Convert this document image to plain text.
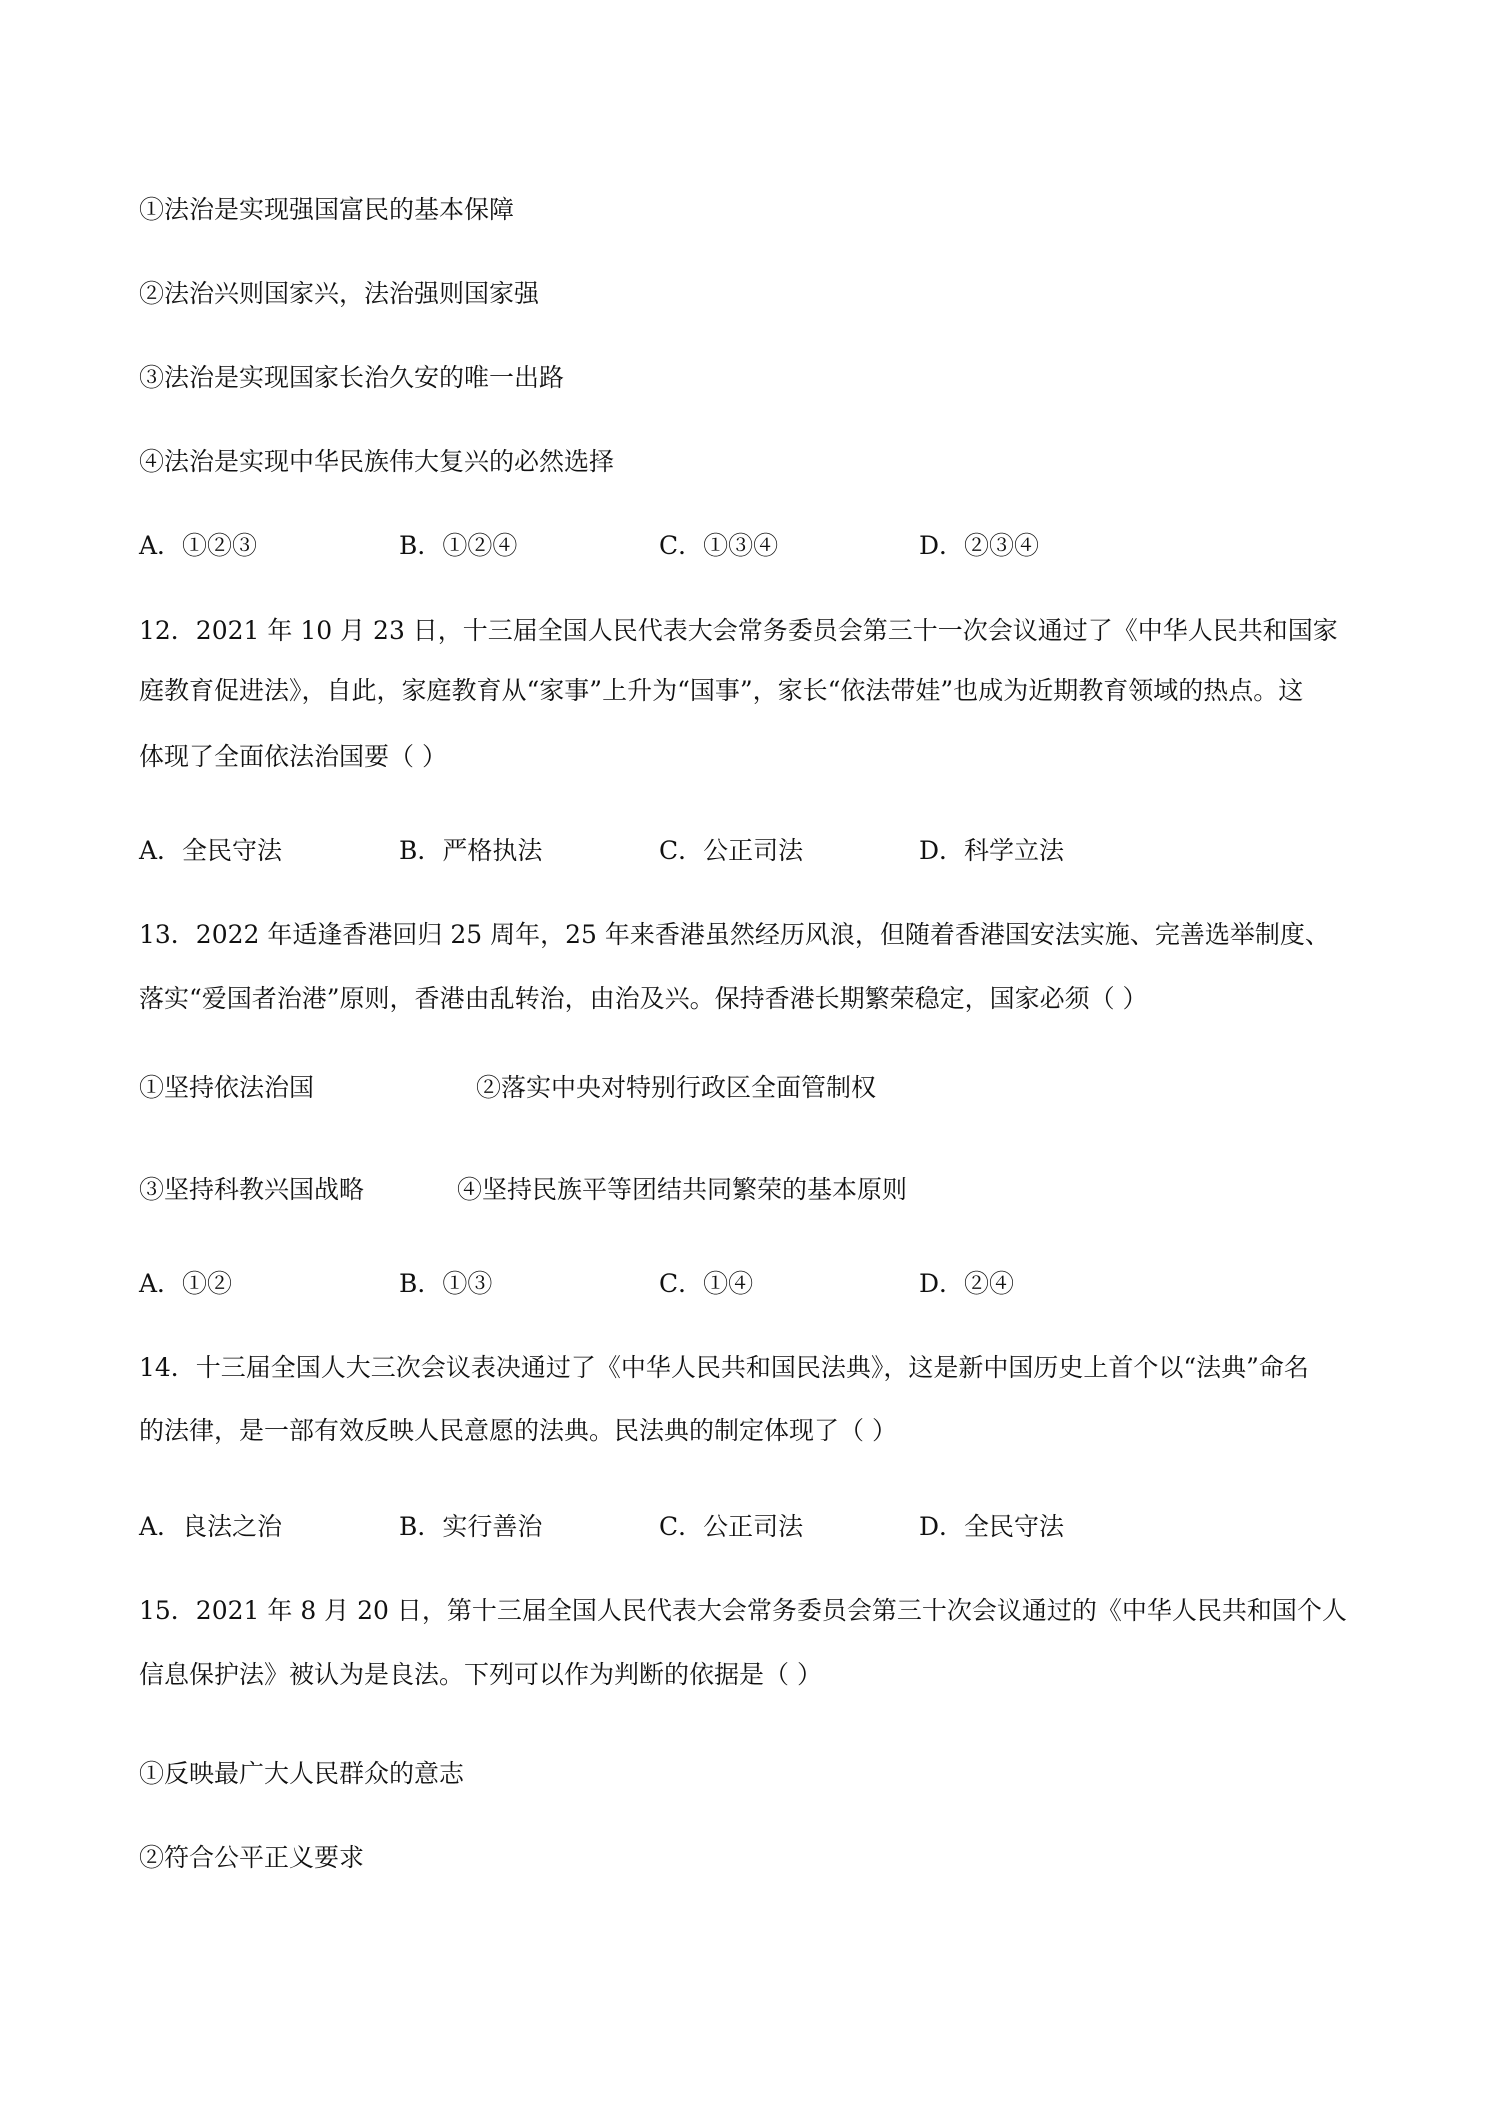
①法治是实现强国富民的基本保障
②法治兴则国家兴，法治强则国家强
③法治是实现国家长治久安的唯一出路
④法治是实现中华民族伟大复兴的必然选择
A．①②③	B．①②④	C．①③④	D．②③④
12．2021 年 10 月 23 日，十三届全国人民代表大会常务委员会第三十一次会议通过了《中华人民共和国家
庭教育促进法》，自此，家庭教育从“家事”上升为“国事”，家长“依法带娃”也成为近期教育领域的热点。这
体现了全面依法治国要（ ）
A．全民守法	B．严格执法	C．公正司法	D．科学立法
13．2022 年适逢香港回归 25 周年，25 年来香港虽然经历风浪，但随着香港国安法实施、完善选举制度、
落实“爱国者治港”原则，香港由乱转治，由治及兴。保持香港长期繁荣稳定，国家必须（ ）
①坚持依法治国	②落实中央对特别行政区全面管制权
③坚持科教兴国战略	④坚持民族平等团结共同繁荣的基本原则
A．①②	B．①③	C．①④	D．②④
14．十三届全国人大三次会议表决通过了《中华人民共和国民法典》，这是新中国历史上首个以“法典”命名
的法律，是一部有效反映人民意愿的法典。民法典的制定体现了（ ）
A．良法之治	B．实行善治	C．公正司法	D．全民守法
15．2021 年 8 月 20 日，第十三届全国人民代表大会常务委员会第三十次会议通过的《中华人民共和国个人
信息保护法》被认为是良法。下列可以作为判断的依据是（ ）
①反映最广大人民群众的意志
②符合公平正义要求
